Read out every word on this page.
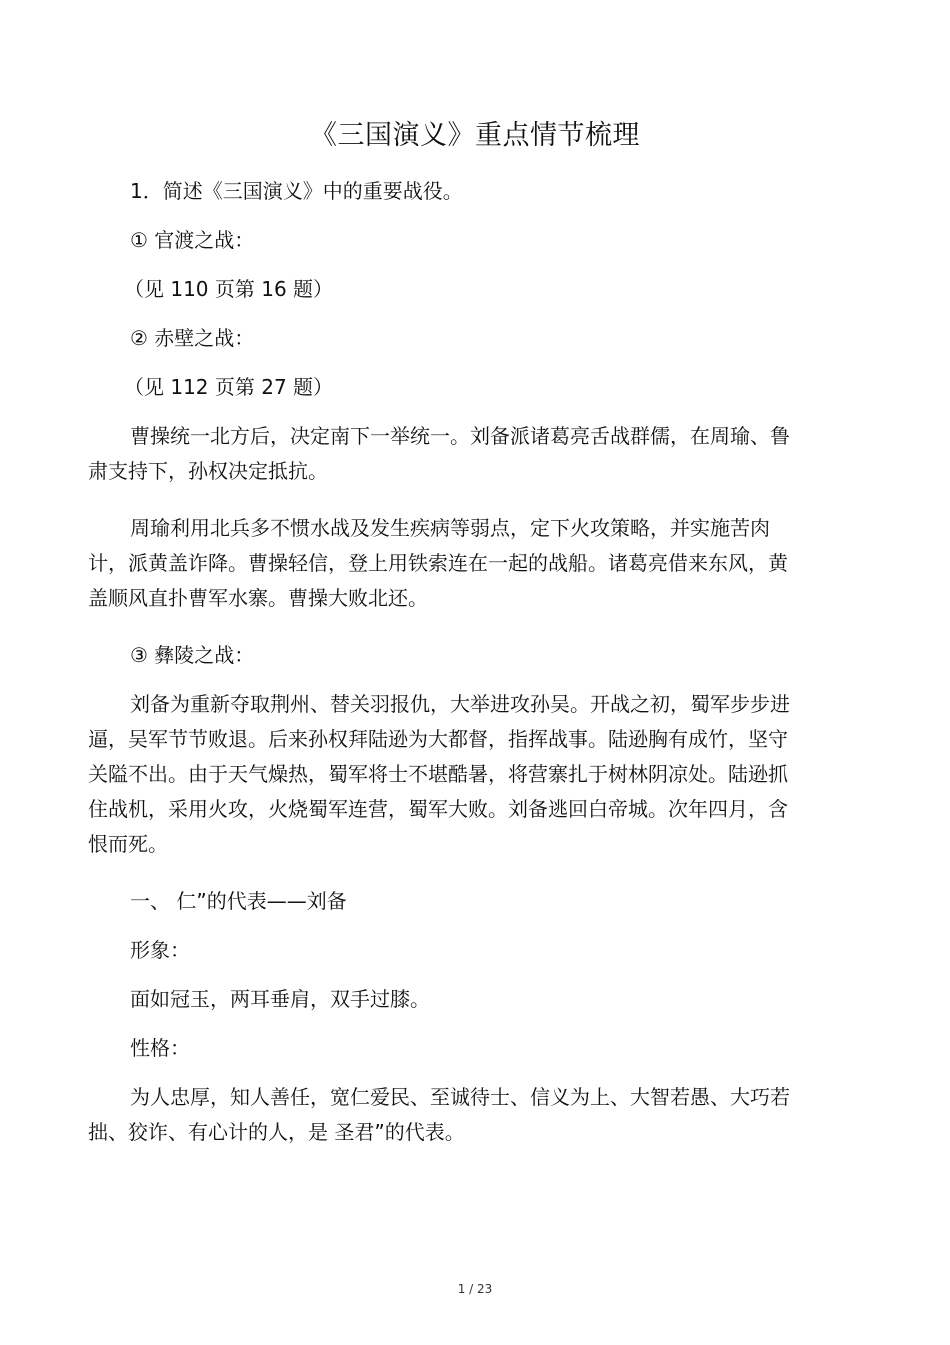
《三国演义》重点情节梳理

1．简述《三国演义》中的重要战役。

① 官渡之战：

（见 110 页第 16 题）

② 赤壁之战：

（见 112 页第 27 题）

曹操统一北方后，决定南下一举统一。刘备派诸葛亮舌战群儒，在周瑜、鲁肃支持下，孙权决定抵抗。

周瑜利用北兵多不惯水战及发生疾病等弱点，定下火攻策略，并实施苦肉计，派黄盖诈降。曹操轻信，登上用铁索连在一起的战船。诸葛亮借来东风，黄盖顺风直扑曹军水寨。曹操大败北还。

③ 彝陵之战：

刘备为重新夺取荆州、替关羽报仇，大举进攻孙吴。开战之初，蜀军步步进逼，吴军节节败退。后来孙权拜陆逊为大都督，指挥战事。陆逊胸有成竹，坚守关隘不出。由于天气燥热，蜀军将士不堪酷暑，将营寨扎于树林阴凉处。陆逊抓住战机，采用火攻，火烧蜀军连营，蜀军大败。刘备逃回白帝城。次年四月，含恨而死。

一、 仁”的代表——刘备

形象：

面如冠玉，两耳垂肩，双手过膝。

性格：

为人忠厚，知人善任，宽仁爱民、至诚待士、信义为上、大智若愚、大巧若拙、狡诈、有心计的人，是 圣君”的代表。

1 / 23
